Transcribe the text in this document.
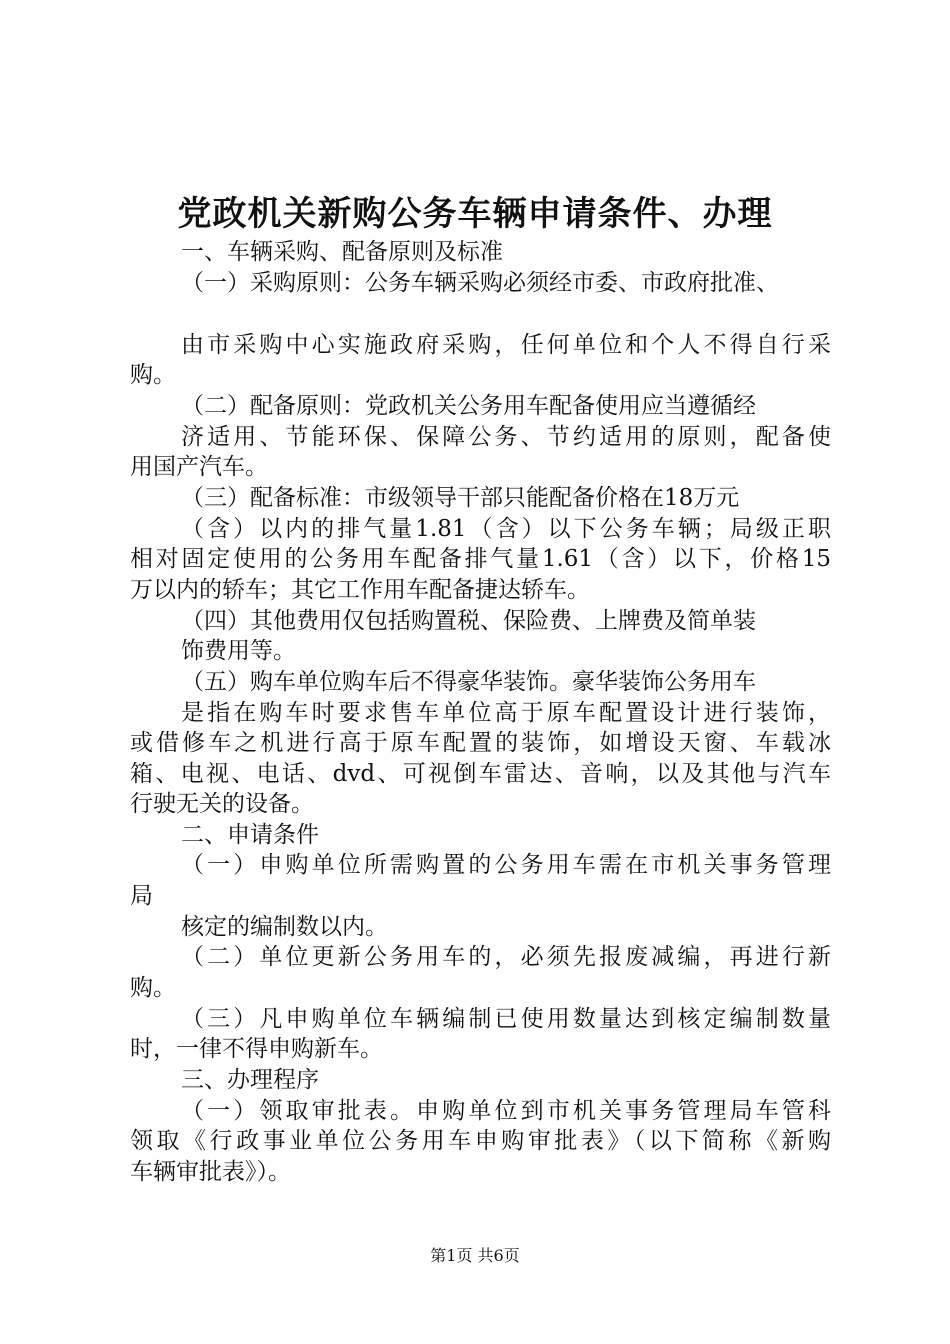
党政机关新购公务车辆申请条件、办理
一、车辆采购、配备原则及标准
（一）采购原则：公务车辆采购必须经市委、市政府批准、
由市采购中心实施政府采购，任何单位和个人不得自行采
购。
（二）配备原则：党政机关公务用车配备使用应当遵循经
济适用、节能环保、保障公务、节约适用的原则，配备使
用国产汽车。
（三）配备标准：市级领导干部只能配备价格在18万元
（含）以内的排气量1.81（含）以下公务车辆；局级正职
相对固定使用的公务用车配备排气量1.61（含）以下，价格15
万以内的轿车；其它工作用车配备捷达轿车。
（四）其他费用仅包括购置税、保险费、上牌费及简单装
饰费用等。
（五）购车单位购车后不得豪华装饰。豪华装饰公务用车
是指在购车时要求售车单位高于原车配置设计进行装饰，
或借修车之机进行高于原车配置的装饰，如增设天窗、车载冰
箱、电视、电话、dvd、可视倒车雷达、音响，以及其他与汽车
行驶无关的设备。
二、申请条件
（一）申购单位所需购置的公务用车需在市机关事务管理
局
核定的编制数以内。
（二）单位更新公务用车的，必须先报废减编，再进行新
购。
（三）凡申购单位车辆编制已使用数量达到核定编制数量
时，一律不得申购新车。
三、办理程序
（一）领取审批表。申购单位到市机关事务管理局车管科
领取《行政事业单位公务用车申购审批表》（以下简称《新购
车辆审批表》）。
第1页 共6页
